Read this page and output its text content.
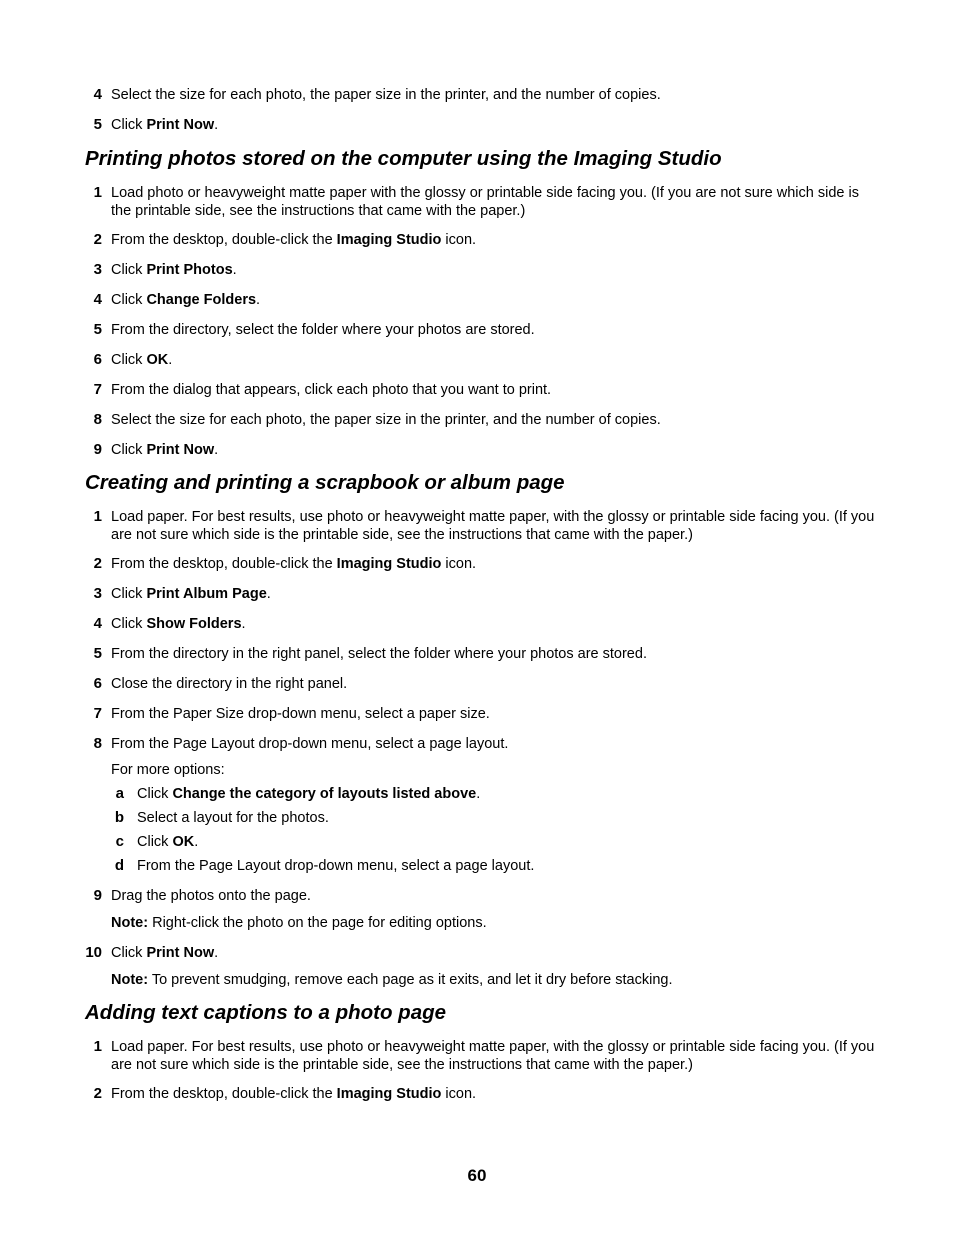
4 Select the size for each photo, the paper size in the printer, and the number of copies.
5 Click Print Now.
Printing photos stored on the computer using the Imaging Studio
1 Load photo or heavyweight matte paper with the glossy or printable side facing you. (If you are not sure which side is the printable side, see the instructions that came with the paper.)
2 From the desktop, double-click the Imaging Studio icon.
3 Click Print Photos.
4 Click Change Folders.
5 From the directory, select the folder where your photos are stored.
6 Click OK.
7 From the dialog that appears, click each photo that you want to print.
8 Select the size for each photo, the paper size in the printer, and the number of copies.
9 Click Print Now.
Creating and printing a scrapbook or album page
1 Load paper. For best results, use photo or heavyweight matte paper, with the glossy or printable side facing you. (If you are not sure which side is the printable side, see the instructions that came with the paper.)
2 From the desktop, double-click the Imaging Studio icon.
3 Click Print Album Page.
4 Click Show Folders.
5 From the directory in the right panel, select the folder where your photos are stored.
6 Close the directory in the right panel.
7 From the Paper Size drop-down menu, select a paper size.
8 From the Page Layout drop-down menu, select a page layout.
For more options:
a Click Change the category of layouts listed above.
b Select a layout for the photos.
c Click OK.
d From the Page Layout drop-down menu, select a page layout.
9 Drag the photos onto the page.
Note: Right-click the photo on the page for editing options.
10 Click Print Now.
Note: To prevent smudging, remove each page as it exits, and let it dry before stacking.
Adding text captions to a photo page
1 Load paper. For best results, use photo or heavyweight matte paper, with the glossy or printable side facing you. (If you are not sure which side is the printable side, see the instructions that came with the paper.)
2 From the desktop, double-click the Imaging Studio icon.
60
